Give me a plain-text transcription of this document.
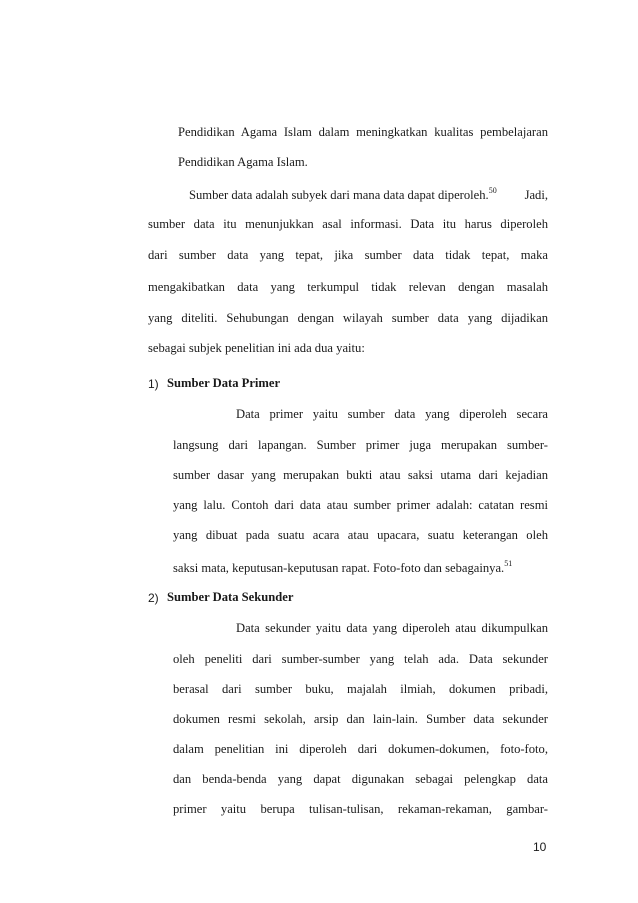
Pendidikan Agama Islam dalam meningkatkan kualitas pembelajaran
Pendidikan Agama Islam.
Sumber data adalah subyek dari mana data dapat diperoleh.$^{50}$ Jadi,
sumber data itu menunjukkan asal informasi. Data itu harus diperoleh
dari sumber data yang tepat, jika sumber data tidak tepat, maka
mengakibatkan data yang terkumpul tidak relevan dengan masalah
yang diteliti. Sehubungan dengan wilayah sumber data yang dijadikan
sebagai subjek penelitian ini ada dua yaitu:
1) Sumber Data Primer
Data primer yaitu sumber data yang diperoleh secara
langsung dari lapangan. Sumber primer juga merupakan sumber-
sumber dasar yang merupakan bukti atau saksi utama dari kejadian
yang lalu. Contoh dari data atau sumber primer adalah: catatan resmi
yang dibuat pada suatu acara atau upacara, suatu keterangan oleh
saksi mata, keputusan-keputusan rapat. Foto-foto dan sebagainya.$^{51}$
2) Sumber Data Sekunder
Data sekunder yaitu data yang diperoleh atau dikumpulkan
oleh peneliti dari sumber-sumber yang telah ada. Data sekunder
berasal dari sumber buku, majalah ilmiah, dokumen pribadi,
dokumen resmi sekolah, arsip dan lain-lain. Sumber data sekunder
dalam penelitian ini diperoleh dari dokumen-dokumen, foto-foto,
dan benda-benda yang dapat digunakan sebagai pelengkap data
primer yaitu berupa tulisan-tulisan, rekaman-rekaman, gambar-
10
